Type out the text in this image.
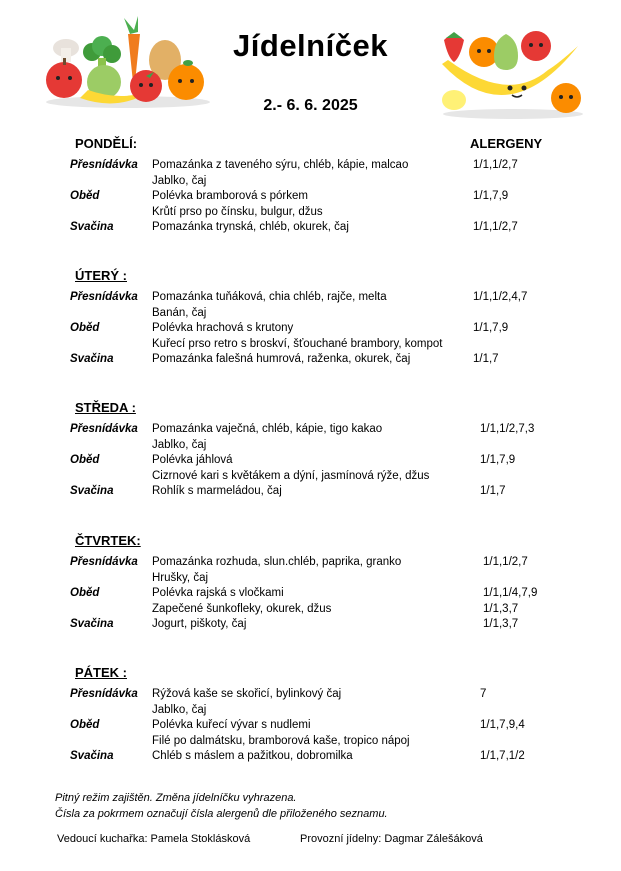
Jídelníček
2.- 6. 6. 2025
ALERGENY
PONDĚLÍ:
Přesnídávka Pomazánka z taveného sýru, chléb, kápie, malcao	1/1,1/2,7
Jablko, čaj
Oběd	Polévka bramborová s pórkem	1/1,7,9
Krůtí prso po čínsku, bulgur, džus
Svačina	Pomazánka trynská, chléb, okurek, čaj	1/1,1/2,7
ÚTERÝ :
Přesnídávka Pomazánka tuňáková, chia chléb, rajče, melta	1/1,1/2,4,7
Banán, čaj
Oběd	Polévka hrachová s krutony	1/1,7,9
Kuřecí prso retro s broskví, šťouchané brambory, kompot
Svačina	Pomazánka falešná humrová, raženka, okurek, čaj	1/1,7
STŘEDA :
Přesnídávka Pomazánka vaječná, chléb, kápie, tigo kakao	1/1,1/2,7,3
Jablko, čaj
Oběd	Polévka jáhlová	1/1,7,9
Cizrnové kari s květákem a dýní, jasmínová rýže, džus
Svačina	Rohlík s marmeládou, čaj	1/1,7
ČTVRTEK:
Přesnídávka Pomazánka rozhuda, slun.chléb, paprika, granko	1/1,1/2,7
Hrušky, čaj
Oběd	Polévka rajská s vločkami	1/1,1/4,7,9
Zapečené šunkofleky, okurek, džus	1/1,3,7
Svačina	Jogurt, piškoty, čaj	1/1,3,7
PÁTEK :
Přesnídávka Rýžová kaše se skořicí, bylinkový čaj	7
Jablko, čaj
Oběd	Polévka kuřecí vývar s nudlemi	1/1,7,9,4
Filé po dalmátsku, bramborová kaše, tropico nápoj
Svačina	Chléb s máslem a pažitkou, dobromilka	1/1,7,1/2
Pitný režim zajištěn. Změna jídelníčku vyhrazena.
Čísla za pokrmem označují čísla alergenů dle přiloženého seznamu.
Vedoucí kuchařka: Pamela Stoklásková	Provozní jídelny: Dagmar Zálešáková
